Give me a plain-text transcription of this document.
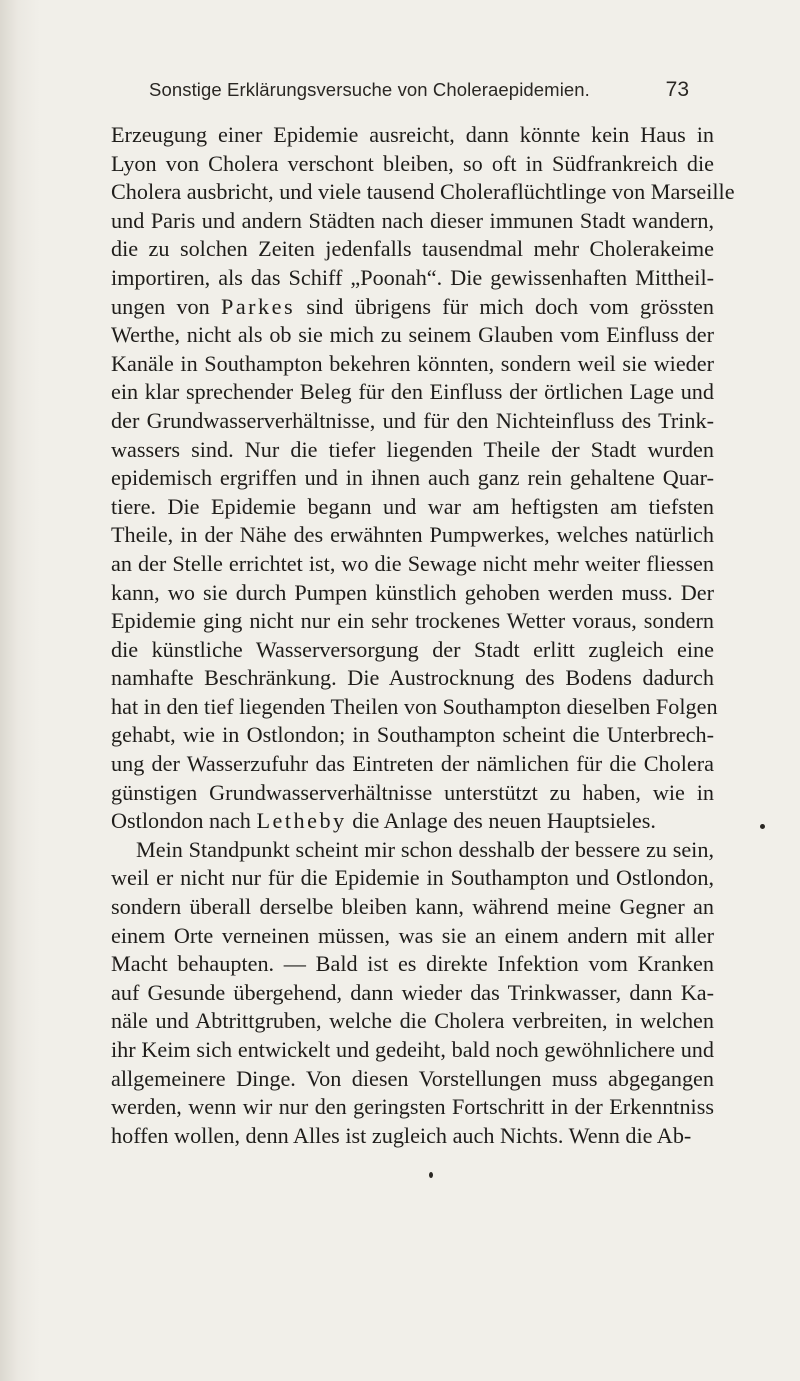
Sonstige Erklärungsversuche von Choleraepidemien.	73
Erzeugung einer Epidemie ausreicht, dann könnte kein Haus in
Lyon von Cholera verschont bleiben, so oft in Südfrankreich die
Cholera ausbricht, und viele tausend Choleraflüchtlinge von Marseille
und Paris und andern Städten nach dieser immunen Stadt wandern,
die zu solchen Zeiten jedenfalls tausendmal mehr Cholerakeime
importiren, als das Schiff „Poonah“. Die gewissenhaften Mittheil-
ungen von Parkes sind übrigens für mich doch vom grössten
Werthe, nicht als ob sie mich zu seinem Glauben vom Einfluss der
Kanäle in Southampton bekehren könnten, sondern weil sie wieder
ein klar sprechender Beleg für den Einfluss der örtlichen Lage und
der Grundwasserverhältnisse, und für den Nichteinfluss des Trink-
wassers sind. Nur die tiefer liegenden Theile der Stadt wurden
epidemisch ergriffen und in ihnen auch ganz rein gehaltene Quar-
tiere. Die Epidemie begann und war am heftigsten am tiefsten
Theile, in der Nähe des erwähnten Pumpwerkes, welches natürlich
an der Stelle errichtet ist, wo die Sewage nicht mehr weiter fliessen
kann, wo sie durch Pumpen künstlich gehoben werden muss. Der
Epidemie ging nicht nur ein sehr trockenes Wetter voraus, sondern
die künstliche Wasserversorgung der Stadt erlitt zugleich eine
namhafte Beschränkung. Die Austrocknung des Bodens dadurch
hat in den tief liegenden Theilen von Southampton dieselben Folgen
gehabt, wie in Ostlondon; in Southampton scheint die Unterbrech-
ung der Wasserzufuhr das Eintreten der nämlichen für die Cholera
günstigen Grundwasserverhältnisse unterstützt zu haben, wie in
Ostlondon nach Letheby die Anlage des neuen Hauptsieles.
Mein Standpunkt scheint mir schon desshalb der bessere zu sein,
weil er nicht nur für die Epidemie in Southampton und Ostlondon,
sondern überall derselbe bleiben kann, während meine Gegner an
einem Orte verneinen müssen, was sie an einem andern mit aller
Macht behaupten. — Bald ist es direkte Infektion vom Kranken
auf Gesunde übergehend, dann wieder das Trinkwasser, dann Ka-
näle und Abtrittgruben, welche die Cholera verbreiten, in welchen
ihr Keim sich entwickelt und gedeiht, bald noch gewöhnlichere und
allgemeinere Dinge. Von diesen Vorstellungen muss abgegangen
werden, wenn wir nur den geringsten Fortschritt in der Erkenntniss
hoffen wollen, denn Alles ist zugleich auch Nichts. Wenn die Ab-
